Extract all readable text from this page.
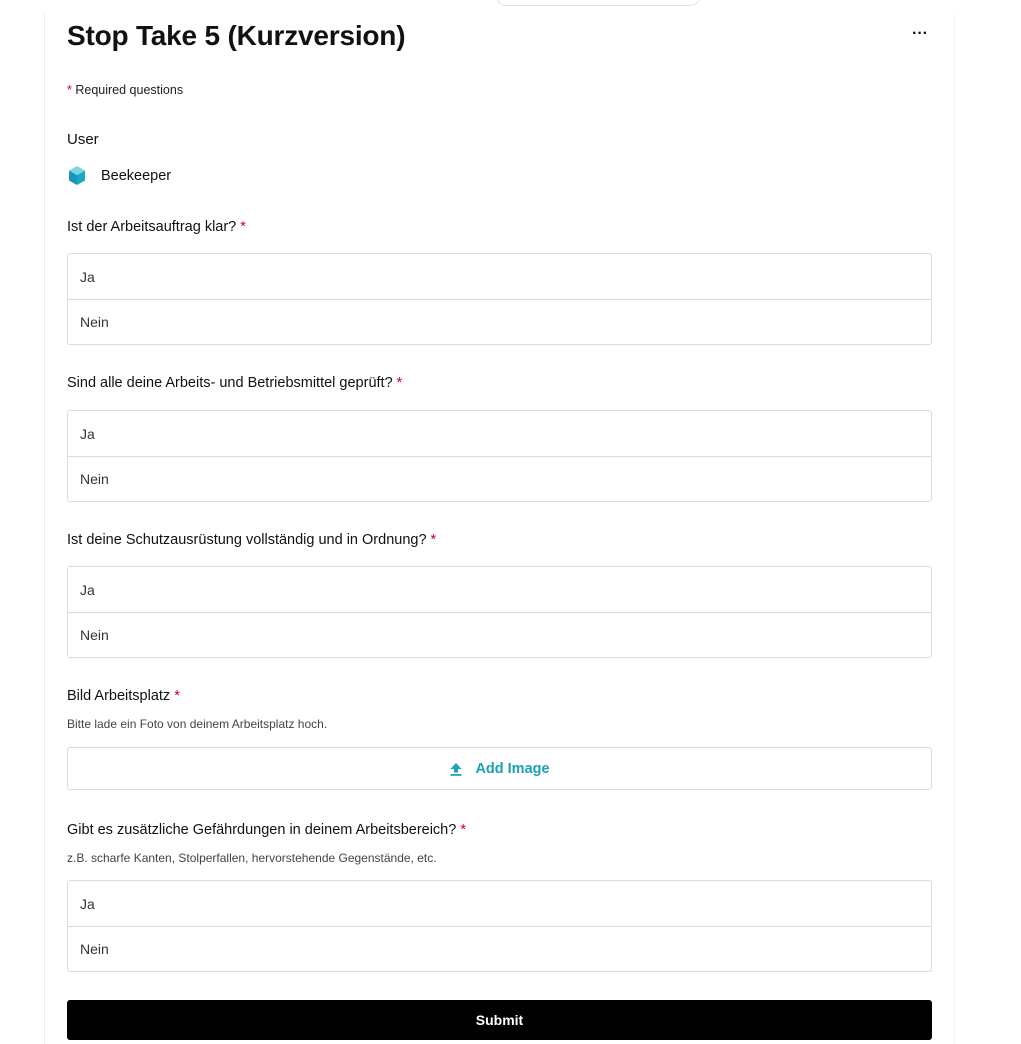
Stop Take 5 (Kurzversion)	···
* Required questions
User
Beekeeper
Ist der Arbeitsauftrag klar? *
Ja
Nein
Sind alle deine Arbeits- und Betriebsmittel geprüft? *
Ja
Nein
Ist deine Schutzausrüstung vollständig und in Ordnung? *
Ja
Nein
Bild Arbeitsplatz *
Bitte lade ein Foto von deinem Arbeitsplatz hoch.
Add Image
Gibt es zusätzliche Gefährdungen in deinem Arbeitsbereich? *
z.B. scharfe Kanten, Stolperfallen, hervorstehende Gegenstände, etc.
Ja
Nein
Submit
